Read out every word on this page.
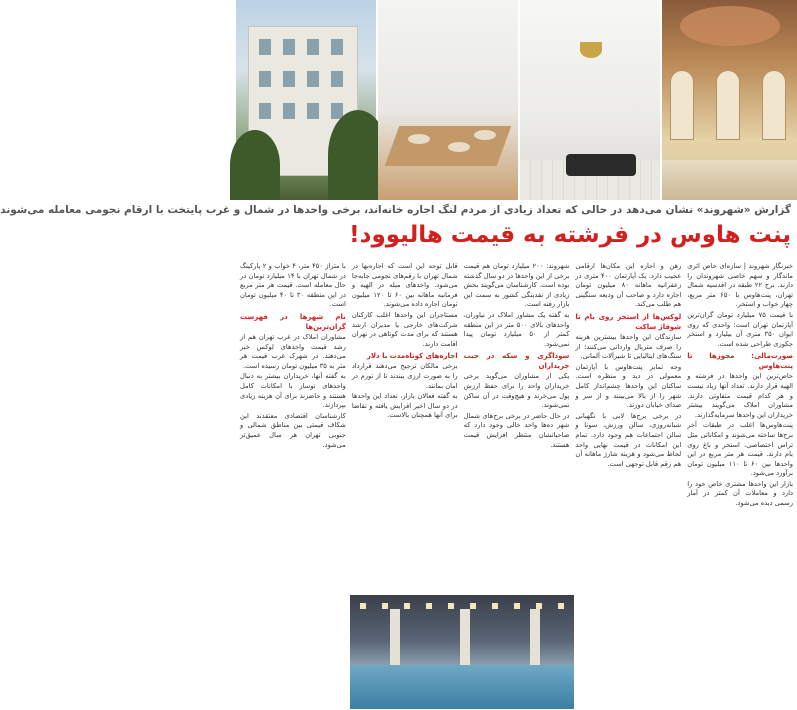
گزارش «شهروند» نشان می‌دهد در حالی که تعداد زیادی از مردم لنگ اجاره خانه‌اند، برخی واحدها در شمال و غرب پایتخت با ارقام نجومی معامله می‌شوند
پنت هاوس در فرشته به قیمت هالیوود!

خبرنگار شهروند | سازه‌ای خاص اثری ماندگار و سهم خاصی شهروندان را دارند. برج ۲۲ طبقه در اقدسیه شمال تهران، پنت‌هاوس با ۶۵۰ متر مربع، چهار خواب و استخر.

با قیمت ۷۵ میلیارد تومان گران‌ترین آپارتمان تهران است؛ واحدی که روی ایوان ۳۵۰ متری آن بیلیارد و استخر جکوزی طراحی شده است.

صورت‌مالی: مجوزها تا پنت‌هاوس

خاص‌ترین این واحدها در فرشته و الهیه قرار دارند. تعداد آنها زیاد نیست و هر کدام قیمت متفاوتی دارند. مشاوران املاک می‌گویند بیشتر خریداران این واحدها سرمایه‌گذارند.

پنت‌هاوس‌ها اغلب در طبقات آخر برج‌ها ساخته می‌شوند و امکاناتی مثل تراس اختصاصی، استخر و باغ روی بام دارند. قیمت هر متر مربع در این واحدها بین ۶۰ تا ۱۱۰ میلیون تومان برآورد می‌شود.

بازار این واحدها مشتری خاص خود را دارد و معاملات آن کمتر در آمار رسمی دیده می‌شود.

رهن و اجاره این مکان‌ها ارقامی عجیب دارد. یک آپارتمان ۴۰۰ متری در زعفرانیه ماهانه ۸۰ میلیون تومان اجاره دارد و صاحب آن ودیعه سنگینی هم طلب می‌کند.

لوکس‌ها از استخر روی بام تا شوفاژ ساکت

سازندگان این واحدها بیشترین هزینه را صرف متریال وارداتی می‌کنند؛ از سنگ‌های ایتالیایی تا شیرآلات آلمانی.

وجه تمایز پنت‌هاوس با آپارتمان معمولی در دید و منظره است. ساکنان این واحدها چشم‌انداز کامل شهر را از بالا می‌بینند و از سر و صدای خیابان دورند.

در برخی برج‌ها لابی با نگهبانی شبانه‌روزی، سالن ورزش، سونا و سالن اجتماعات هم وجود دارد. تمام این امکانات در قیمت نهایی واحد لحاظ می‌شود و هزینه شارژ ماهانه آن هم رقم قابل توجهی است.

شهروند: ۲۰۰ میلیارد تومان هم قیمت برخی از این واحدها در دو سال گذشته بوده است. کارشناسان می‌گویند بخش زیادی از نقدینگی کشور به سمت این بازار رفته است.

به گفته یک مشاور املاک در نیاوران، واحدهای بالای ۵۰۰ متر در این منطقه کمتر از ۵۰ میلیارد تومان پیدا نمی‌شود.

سوداگری و سکه در جیب خریداران

یکی از مشاوران می‌گوید برخی خریداران واحد را برای حفظ ارزش پول می‌خرند و هیچ‌وقت در آن ساکن نمی‌شوند.

در حال حاضر در برخی برج‌های شمال شهر ده‌ها واحد خالی وجود دارد که صاحبانشان منتظر افزایش قیمت هستند.

قابل توجه این است که اجاره‌بها در شمال تهران با رقم‌های نجومی جابه‌جا می‌شود. واحدهای مبله در الهیه و فرمانیه ماهانه بین ۶۰ تا ۱۲۰ میلیون تومان اجاره داده می‌شوند.

مستاجران این واحدها اغلب کارکنان شرکت‌های خارجی یا مدیران ارشد هستند که برای مدت کوتاهی در تهران اقامت دارند.

اجاره‌های کوتاه‌مدت با دلار

برخی مالکان ترجیح می‌دهند قرارداد را به صورت ارزی ببندند تا از تورم در امان بمانند.

به گفته فعالان بازار، تعداد این واحدها در دو سال اخیر افزایش یافته و تقاضا برای آنها همچنان بالاست.

با متراژ ۴۵۰ متر، ۴ خواب و ۲ پارکینگ در شمال تهران با ۱۴ میلیارد تومان در حال معامله است. قیمت هر متر مربع در این منطقه ۳۰ تا ۴۰ میلیون تومان است.

نام شهرها در فهرست گران‌ترین‌ها

مشاوران املاک در غرب تهران هم از رشد قیمت واحدهای لوکس خبر می‌دهند. در شهرک غرب قیمت هر متر به ۳۵ میلیون تومان رسیده است.

به گفته آنها، خریداران بیشتر به دنبال واحدهای نوساز با امکانات کامل هستند و حاضرند برای آن هزینه زیادی بپردازند.

کارشناسان اقتصادی معتقدند این شکاف قیمتی بین مناطق شمالی و جنوبی تهران هر سال عمیق‌تر می‌شود.
